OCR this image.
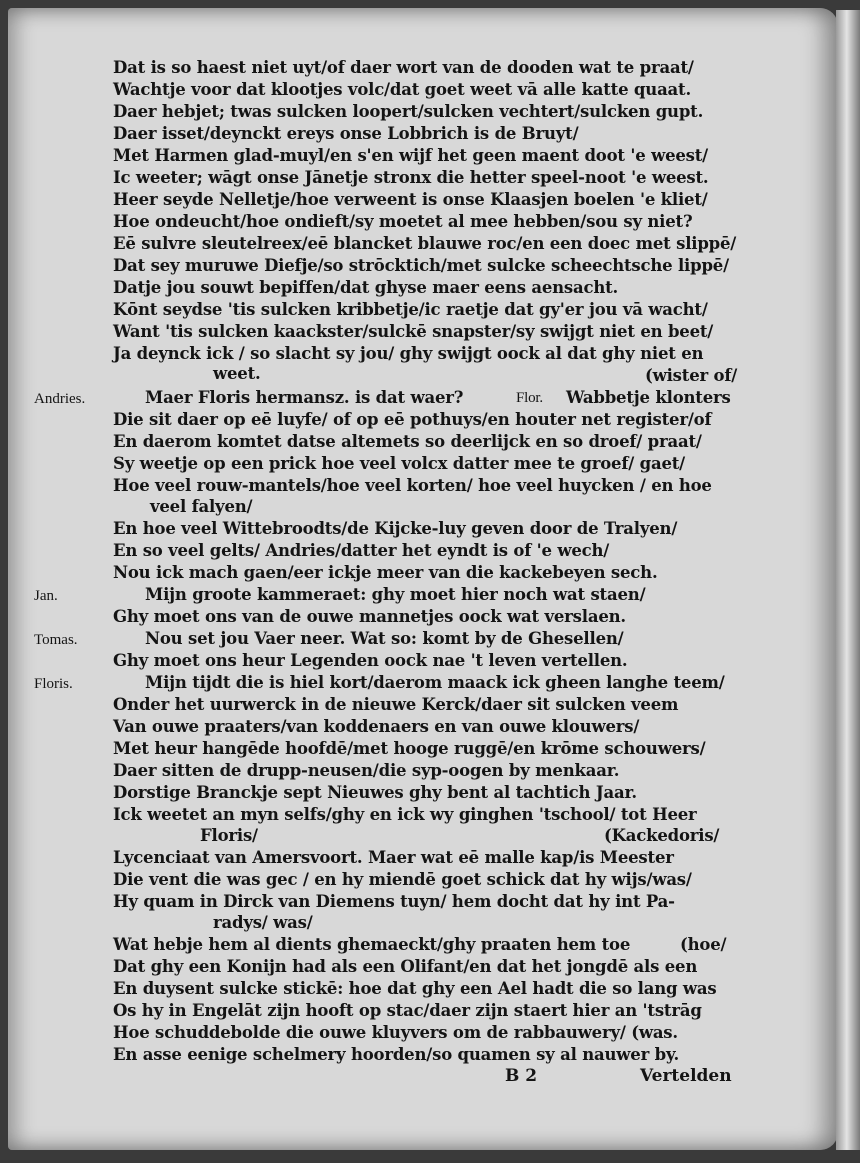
Dat is so haest niet uyt/of daer wort van de dooden wat te praat/
Wachtje voor dat klootjes volc/dat goet weet vā alle katte quaat.
Daer hebjet; twas sulcken loopert/sulcken vechtert/sulcken gupt.
Daer isset/deynckt ereys onse Lobbrich is de Bruyt/
Met Harmen glad-muyl/en s'en wijf het geen maent doot 'e weest/
Ic weeter; wāgt onse Jānetje stronx die hetter speel-noot 'e weest.
Heer seyde Nelletje/hoe verweent is onse Klaasjen boelen 'e kliet/
Hoe ondeucht/hoe ondieft/sy moetet al mee hebben/sou sy niet?
Eē sulvre sleutelreex/eē blancket blauwe roc/en een doec met slippē/
Dat sey muruwe Diefje/so strōcktich/met sulcke scheechtsche lippē/
Datje jou souwt bepiffen/dat ghyse maer eens aensacht.
Kōnt seydse 'tis sulcken kribbetje/ic raetje dat gy'er jou vā wacht/
Want 'tis sulcken kaackster/sulckē snapster/sy swijgt niet en beet/
Ja deynck ick / so slacht sy jou/ ghy swijgt oock al dat ghy niet en
weet.	(wister of/
Andries.	Maer Floris hermansz. is dat waer?	Flor. Wabbetje klonters
Die sit daer op eē luyfe/ of op eē pothuys/en houter net register/of
En daerom komtet datse altemets so deerlijck en so droef/ praat/
Sy weetje op een prick hoe veel volcx datter mee te groef/ gaet/
Hoe veel rouw-mantels/hoe veel korten/ hoe veel huycken / en hoe
veel falyen/
En hoe veel Wittebroodts/de Kijcke-luy geven door de Tralyen/
En so veel gelts/ Andries/datter het eyndt is of 'e wech/
Nou ick mach gaen/eer ickje meer van die kackebeyen sech.
Jan.	Mijn groote kammeraet: ghy moet hier noch wat staen/
Ghy moet ons van de ouwe mannetjes oock wat verslaen.
Tomas.	Nou set jou Vaer neer. Wat so: komt by de Ghesellen/
Ghy moet ons heur Legenden oock nae 't leven vertellen.
Floris.	Mijn tijdt die is hiel kort/daerom maack ick gheen langhe teem/
Onder het uurwerck in de nieuwe Kerck/daer sit sulcken veem
Van ouwe praaters/van koddenaers en van ouwe klouwers/
Met heur hangēde hoofdē/met hooge ruggē/en krōme schouwers/
Daer sitten de drupp-neusen/die syp-oogen by menkaar.
Dorstige Branckje sept Nieuwes ghy bent al tachtich Jaar.
Ick weetet an myn selfs/ghy en ick wy ginghen 'tschool/ tot Heer
Floris/	(Kackedoris/
Lycenciaat van Amersvoort. Maer wat eē malle kap/is Meester
Die vent die was gec / en hy miendē goet schick dat hy wijs/was/
Hy quam in Dirck van Diemens tuyn/ hem docht dat hy int Pa-
radys/ was/
Wat hebje hem al dients ghemaeckt/ghy praaten hem toe	(hoe/
Dat ghy een Konijn had als een Olifant/en dat het jongdē als een
En duysent sulcke stickē: hoe dat ghy een Ael hadt die so lang was
Os hy in Engelāt zijn hooft op stac/daer zijn staert hier an 'tstrāg
Hoe schuddebolde die ouwe kluyvers om de rabbauwery/ (was.
En asse eenige schelmery hoorden/so quamen sy al nauwer by.
B 2	Vertelden
